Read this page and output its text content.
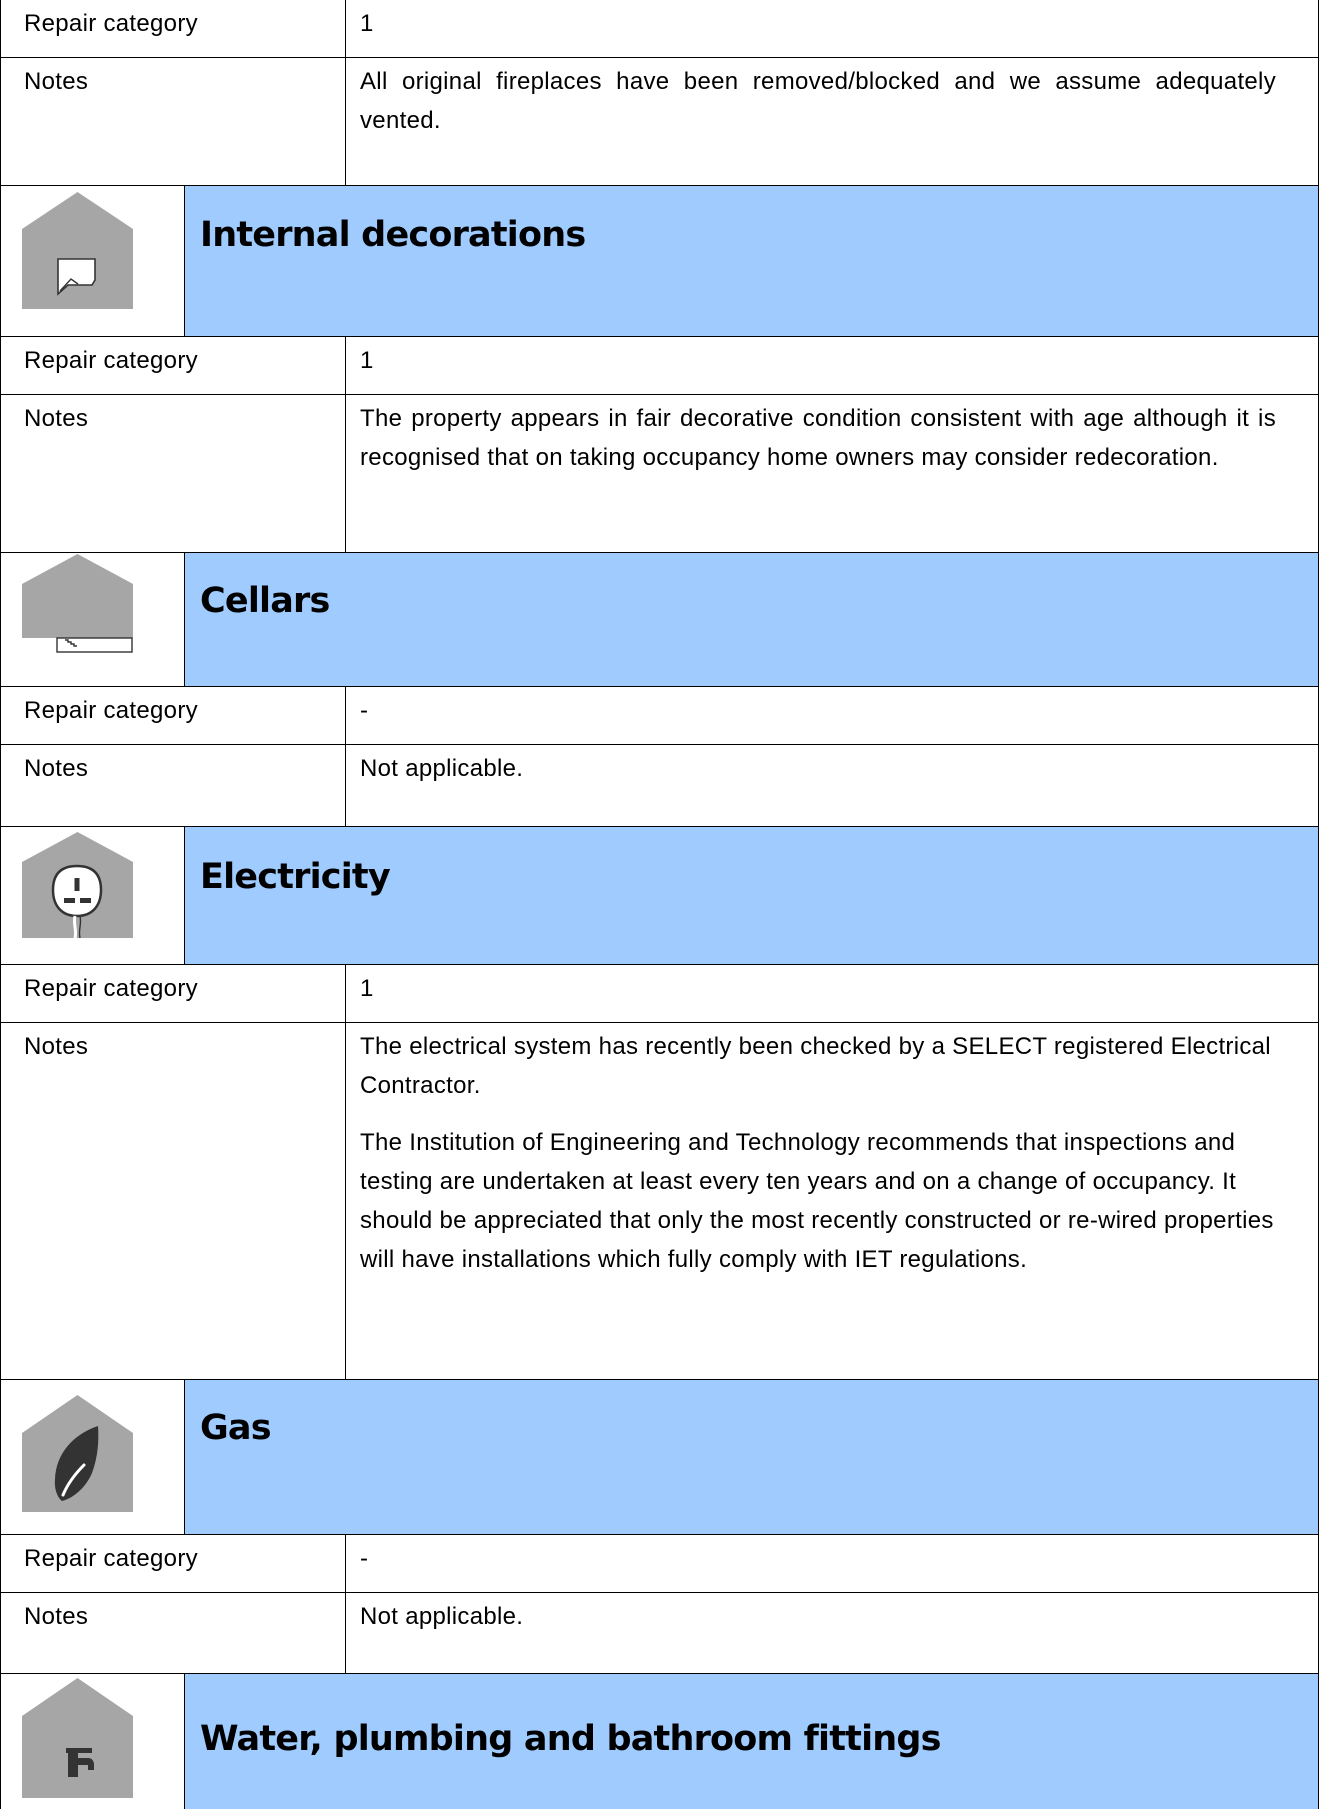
Repair category	1
Notes	All original fireplaces have been removed/blocked and we assume adequately vented.
Internal decorations
Repair category	1
Notes	The property appears in fair decorative condition consistent with age although it is recognised that on taking occupancy home owners may consider redecoration.
Cellars
Repair category	-
Notes	Not applicable.
Electricity
Repair category	1
Notes	The electrical system has recently been checked by a SELECT registered Electrical Contractor.
The Institution of Engineering and Technology recommends that inspections and testing are undertaken at least every ten years and on a change of occupancy. It should be appreciated that only the most recently constructed or re-wired properties will have installations which fully comply with IET regulations.
Gas
Repair category	-
Notes	Not applicable.
Water, plumbing and bathroom fittings
